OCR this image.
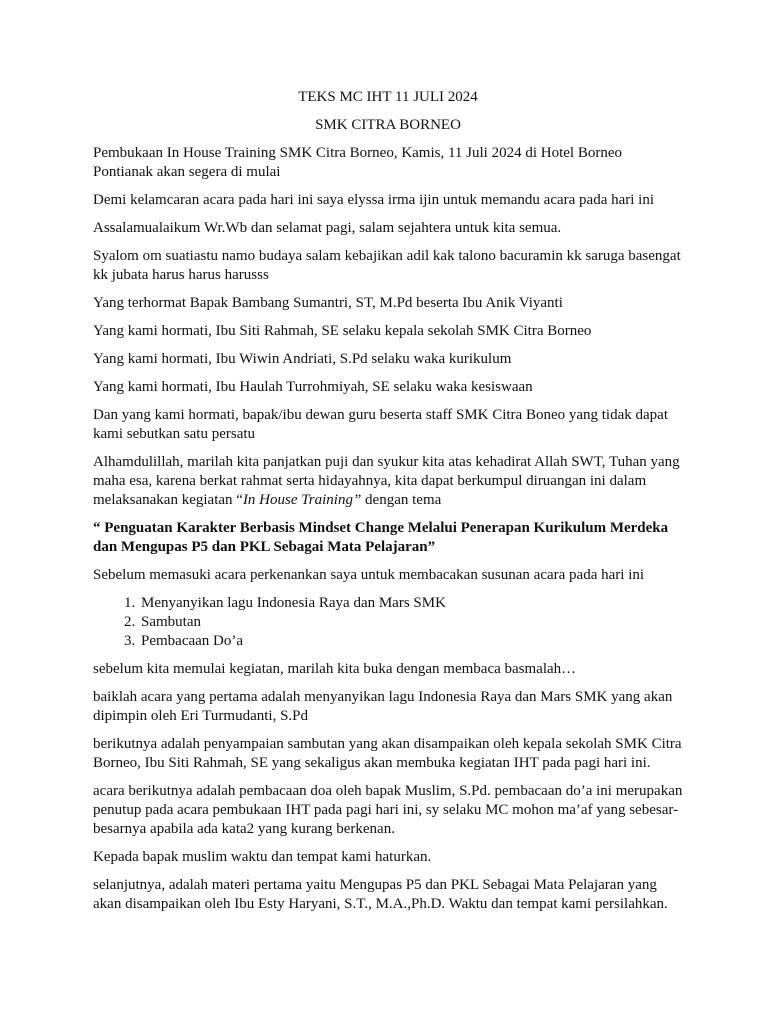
TEKS MC IHT 11 JULI 2024
SMK CITRA BORNEO

Pembukaan In House Training SMK Citra Borneo, Kamis, 11 Juli 2024 di Hotel Borneo Pontianak akan segera di mulai

Demi kelamcaran acara pada hari ini saya elyssa irma ijin untuk memandu acara pada hari ini

Assalamualaikum Wr.Wb dan selamat pagi, salam sejahtera untuk kita semua.

Syalom om suatiastu namo budaya salam kebajikan adil kak talono bacuramin kk saruga basengat kk jubata harus harus harusss

Yang terhormat Bapak Bambang Sumantri, ST, M.Pd beserta Ibu Anik Viyanti

Yang kami hormati, Ibu Siti Rahmah, SE selaku kepala sekolah SMK Citra Borneo

Yang kami hormati, Ibu Wiwin Andriati, S.Pd selaku waka kurikulum

Yang kami hormati, Ibu Haulah Turrohmiyah, SE selaku waka kesiswaan

Dan yang kami hormati, bapak/ibu dewan guru beserta staff SMK Citra Boneo yang tidak dapat kami sebutkan satu persatu

Alhamdulillah, marilah kita panjatkan puji dan syukur kita atas kehadirat Allah SWT, Tuhan yang maha esa, karena berkat rahmat serta hidayahnya, kita dapat berkumpul diruangan ini dalam melaksanakan kegiatan “In House Training” dengan tema

“ Penguatan Karakter Berbasis Mindset Change Melalui Penerapan Kurikulum Merdeka dan Mengupas P5 dan PKL Sebagai Mata Pelajaran”

Sebelum memasuki acara perkenankan saya untuk membacakan susunan acara pada hari ini

1. Menyanyikan lagu Indonesia Raya dan Mars SMK
2. Sambutan
3. Pembacaan Do’a

sebelum kita memulai kegiatan, marilah kita buka dengan membaca basmalah…

baiklah acara yang pertama adalah menyanyikan lagu Indonesia Raya dan Mars SMK yang akan dipimpin oleh Eri Turmudanti, S.Pd

berikutnya adalah penyampaian sambutan yang akan disampaikan oleh kepala sekolah SMK Citra Borneo, Ibu Siti Rahmah, SE yang sekaligus akan membuka kegiatan IHT pada pagi hari ini.

acara berikutnya adalah pembacaan doa oleh bapak Muslim, S.Pd. pembacaan do’a ini merupakan penutup pada acara pembukaan IHT pada pagi hari ini, sy selaku MC mohon ma’af yang sebesar- besarnya apabila ada kata2 yang kurang berkenan.

Kepada bapak muslim waktu dan tempat kami haturkan.

selanjutnya, adalah materi pertama yaitu Mengupas P5 dan PKL Sebagai Mata Pelajaran yang akan disampaikan oleh Ibu Esty Haryani, S.T., M.A.,Ph.D. Waktu dan tempat kami persilahkan.
